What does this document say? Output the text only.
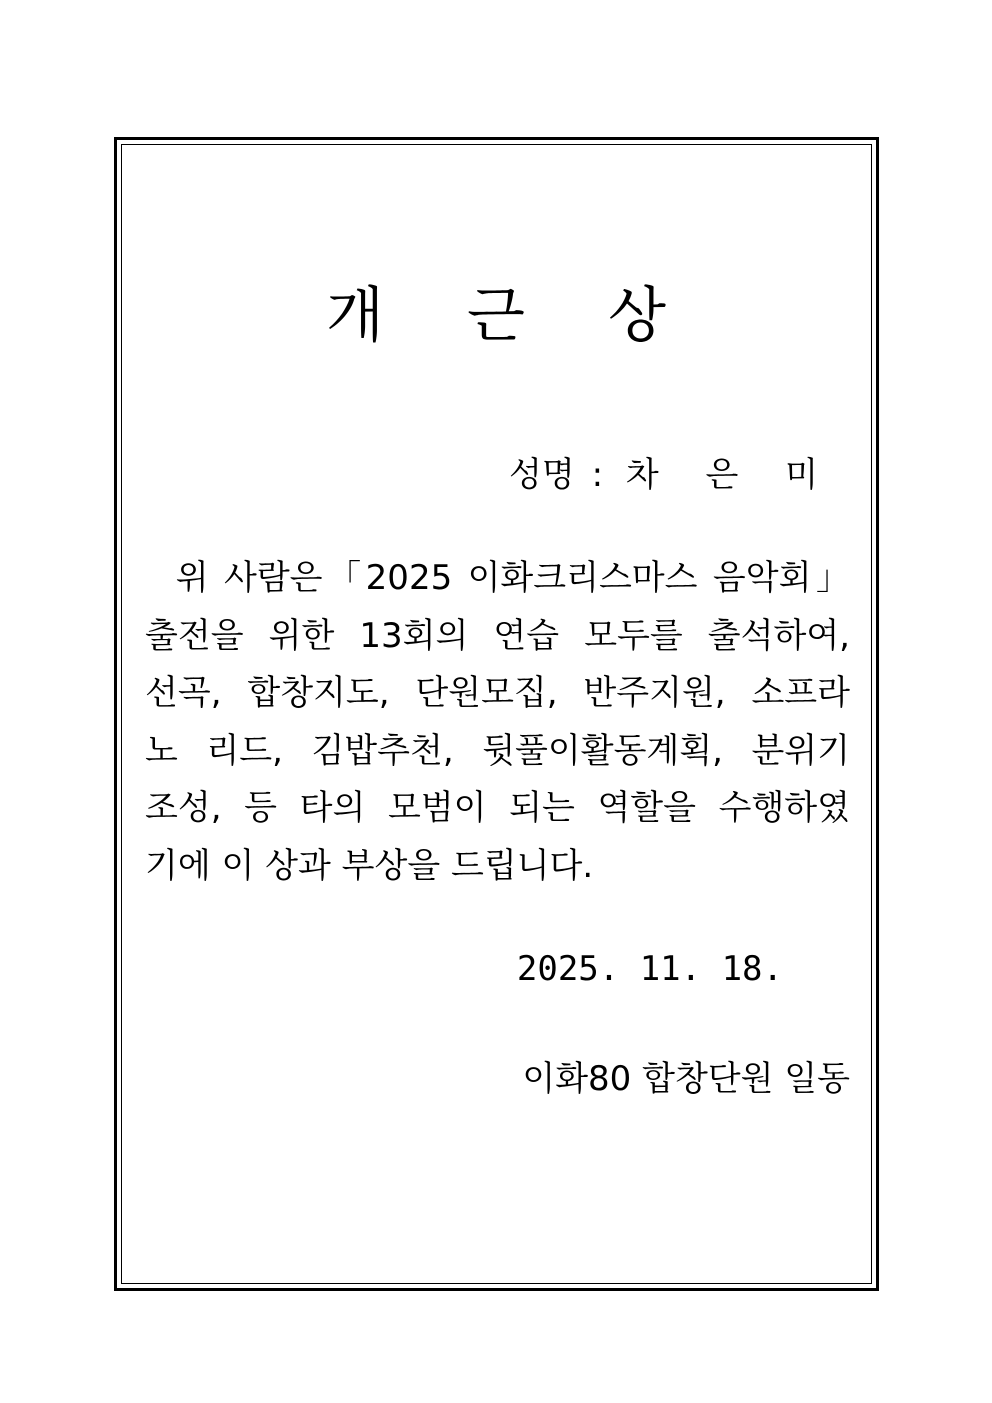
개 근 상
성명 : 차 은 미
위 사람은「2025 이화크리스마스 음악회」
출전을 위한 13회의 연습 모두를 출석하여,
선곡, 합창지도, 단원모집, 반주지원, 소프라
노 리드, 김밥추천, 뒷풀이활동계획, 분위기
조성, 등 타의 모범이 되는 역할을 수행하였
기에 이 상과 부상을 드립니다.
2025. 11. 18.
이화80 합창단원 일동
